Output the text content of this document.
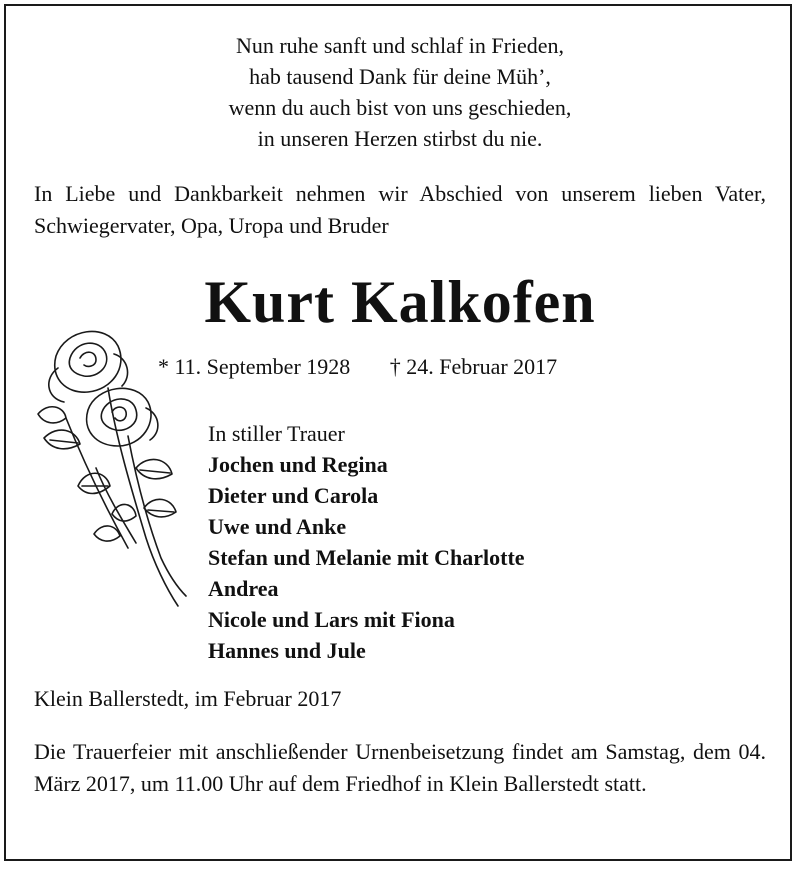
Nun ruhe sanft und schlaf in Frieden,
hab tausend Dank für deine Müh’,
wenn du auch bist von uns geschieden,
in unseren Herzen stirbst du nie.
In Liebe und Dankbarkeit nehmen wir Abschied von unserem lieben Vater, Schwiegervater, Opa, Uropa und Bruder
Kurt Kalkofen
* 11. September 1928 † 24. Februar 2017
In stiller Trauer
Jochen und Regina
Dieter und Carola
Uwe und Anke
Stefan und Melanie mit Charlotte
Andrea
Nicole und Lars mit Fiona
Hannes und Jule
Klein Ballerstedt, im Februar 2017
Die Trauerfeier mit anschließender Urnenbeisetzung findet am Samstag, dem 04. März 2017, um 11.00 Uhr auf dem Friedhof in Klein Ballerstedt statt.
